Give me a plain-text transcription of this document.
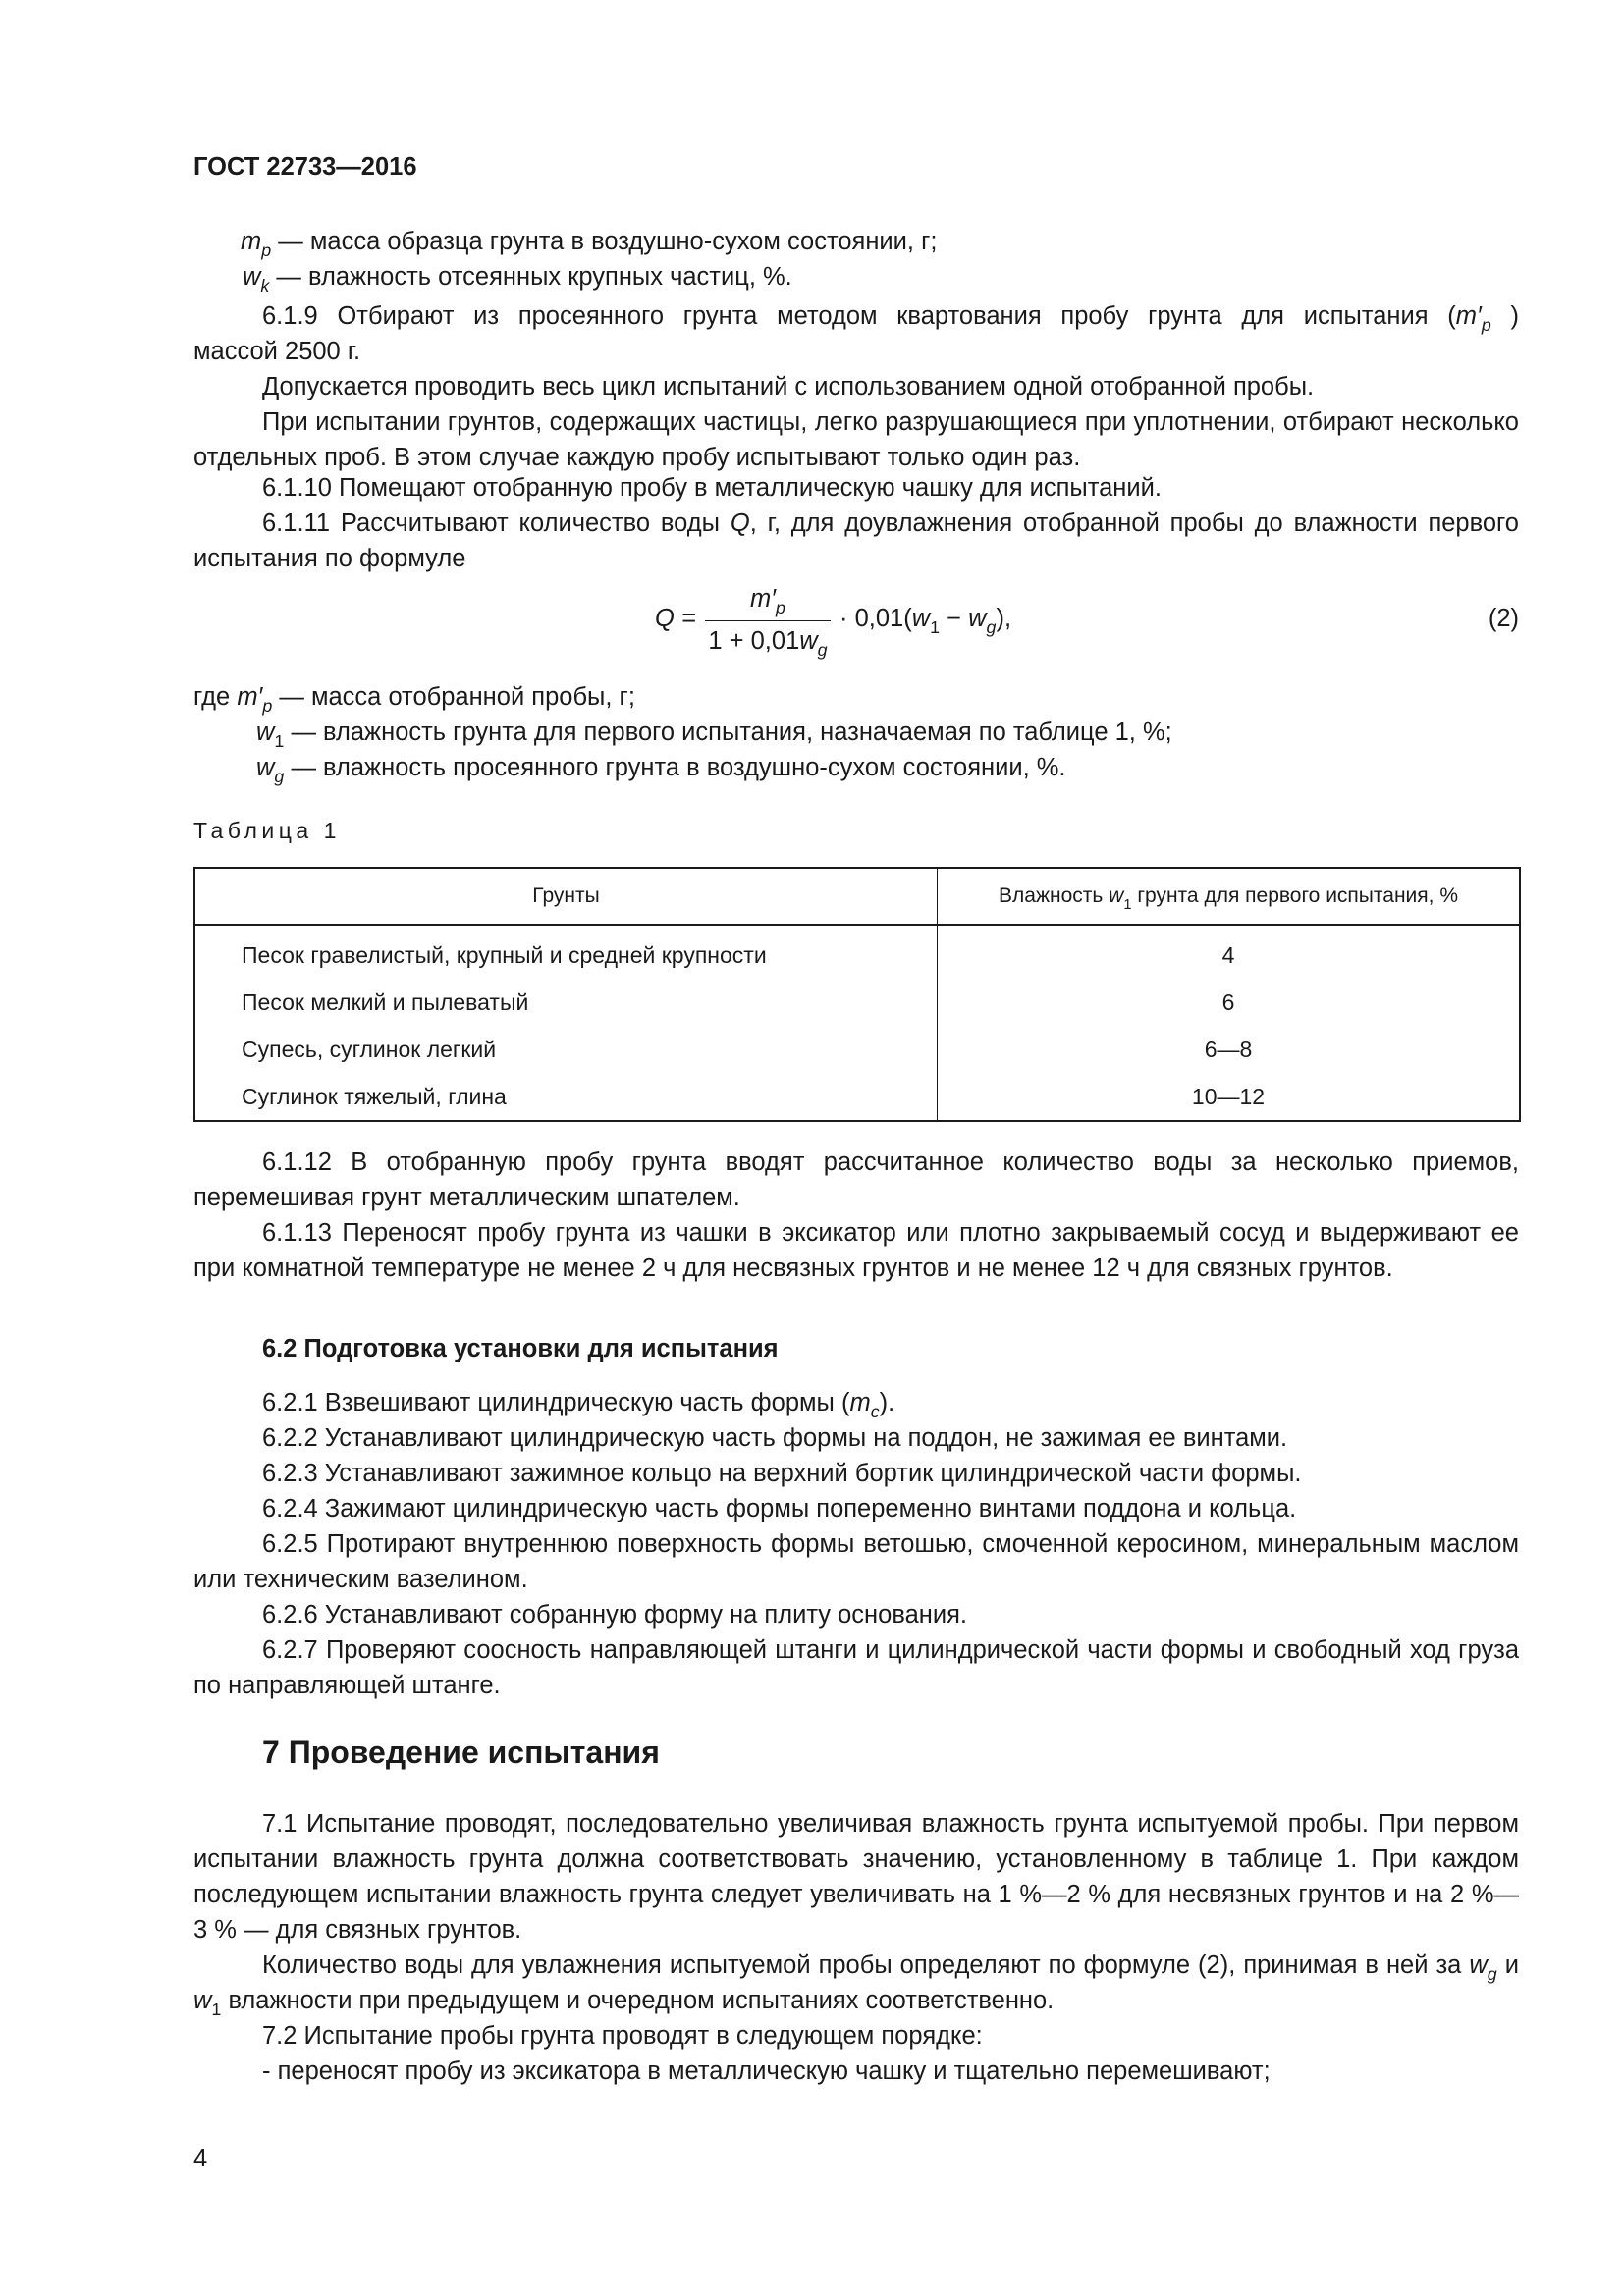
ГОСТ 22733—2016
$m_р$ — масса образца грунта в воздушно-сухом состоянии, г;
$w_k$ — влажность отсеянных крупных частиц, %.

6.1.9 Отбирают из просеянного грунта методом квартования пробу грунта для испытания ($m'_р$ )

массой 2500 г.

Допускается проводить весь цикл испытаний с использованием одной отобранной пробы.

При испытании грунтов, содержащих частицы, легко разрушающиеся при уплотнении, отбирают несколько отдельных проб. В этом случае каждую пробу испытывают только один раз.

6.1.10 Помещают отобранную пробу в металлическую чашку для испытаний.

6.1.11 Рассчитывают количество воды Q, г, для доувлажнения отобранной пробы до влажности первого испытания по формуле

Q =
$m'_р$
$1 + 0,01w_g$
· $0,01(w_1 - w_g)$,	(2)
где $m'_р$ — масса отобранной пробы, г;
$w_1$ — влажность грунта для первого испытания, назначаемая по таблице 1, %;
$w_g$ — влажность просеянного грунта в воздушно-сухом состоянии, %.
Таблица 1
Грунты	Влажность $w_1$ грунта для первого испытания, %
Песок гравелистый, крупный и средней крупности	4
Песок мелкий и пылеватый	6
Супесь, суглинок легкий	6—8
Суглинок тяжелый, глина	10—12

6.1.12 В отобранную пробу грунта вводят рассчитанное количество воды за несколько приемов, перемешивая грунт металлическим шпателем.

6.1.13 Переносят пробу грунта из чашки в эксикатор или плотно закрываемый сосуд и выдерживают ее при комнатной температуре не менее 2 ч для несвязных грунтов и не менее 12 ч для связных грунтов.

6.2 Подготовка установки для испытания

6.2.1 Взвешивают цилиндрическую часть формы $(m_c)$.

6.2.2 Устанавливают цилиндрическую часть формы на поддон, не зажимая ее винтами.

6.2.3 Устанавливают зажимное кольцо на верхний бортик цилиндрической части формы.

6.2.4 Зажимают цилиндрическую часть формы попеременно винтами поддона и кольца.

6.2.5 Протирают внутреннюю поверхность формы ветошью, смоченной керосином, минеральным маслом или техническим вазелином.

6.2.6 Устанавливают собранную форму на плиту основания.

6.2.7 Проверяют соосность направляющей штанги и цилиндрической части формы и свободный ход груза по направляющей штанге.

7 Проведение испытания

7.1 Испытание проводят, последовательно увеличивая влажность грунта испытуемой пробы. При первом испытании влажность грунта должна соответствовать значению, установленному в таблице 1. При каждом последующем испытании влажность грунта следует увеличивать на 1 %—2 % для несвязных грунтов и на 2 %—3 % — для связных грунтов.

Количество воды для увлажнения испытуемой пробы определяют по формуле (2), принимая в ней за $w_g$ и $w_1$ влажности при предыдущем и очередном испытаниях соответственно.

7.2 Испытание пробы грунта проводят в следующем порядке:

- переносят пробу из эксикатора в металлическую чашку и тщательно перемешивают;

4
